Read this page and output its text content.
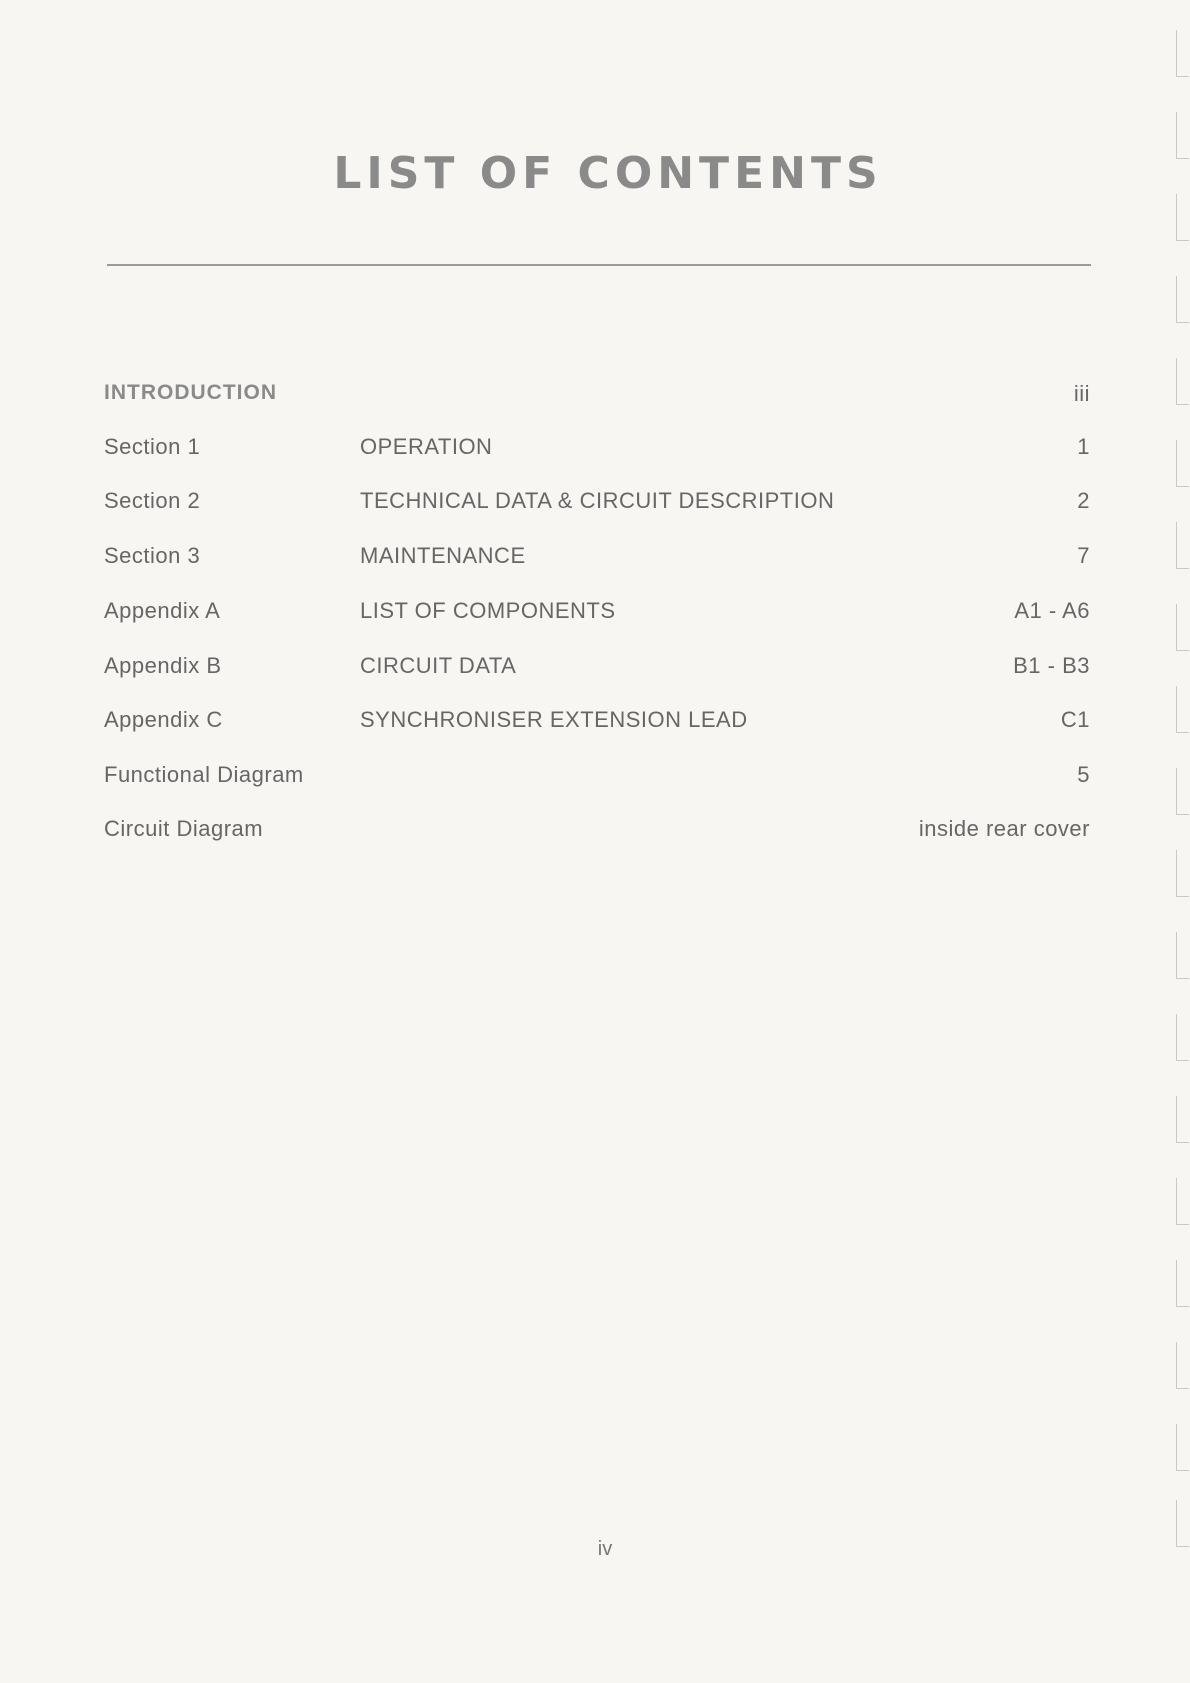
LIST OF CONTENTS
INTRODUCTION	iii
Section 1	OPERATION	1
Section 2	TECHNICAL DATA & CIRCUIT DESCRIPTION	2
Section 3	MAINTENANCE	7
Appendix A	LIST OF COMPONENTS	A1 - A6
Appendix B	CIRCUIT DATA	B1 - B3
Appendix C	SYNCHRONISER EXTENSION LEAD	C1
Functional Diagram	5
Circuit Diagram	inside rear cover
iv
